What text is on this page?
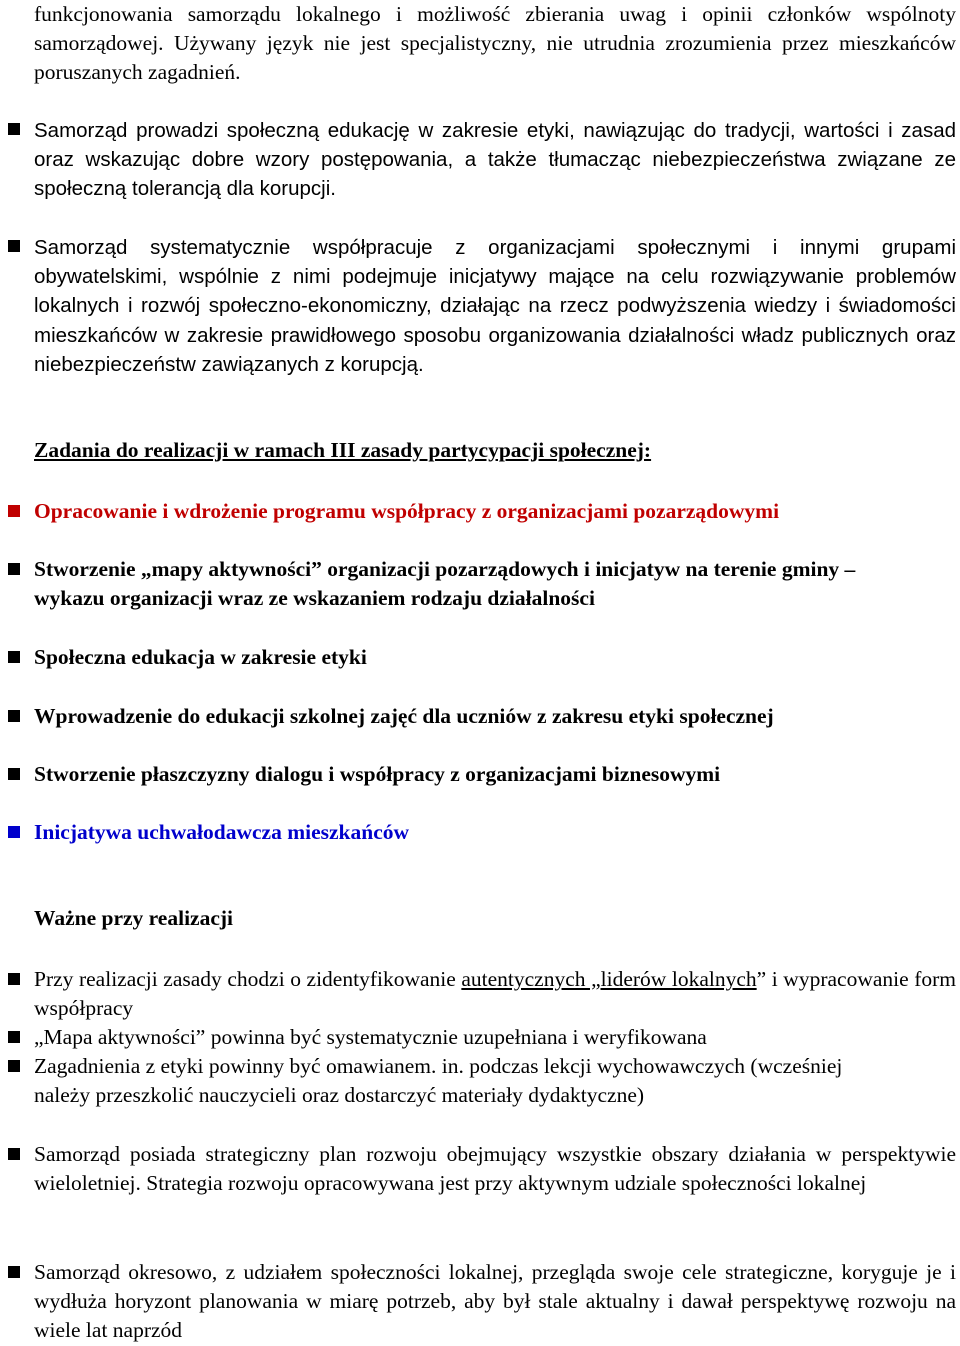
funkcjonowania samorządu lokalnego i możliwość zbierania uwag i opinii członków wspólnoty samorządowej. Używany język nie jest specjalistyczny, nie utrudnia zrozumienia przez mieszkańców poruszanych zagadnień.

Samorząd prowadzi społeczną edukację w zakresie etyki, nawiązując do tradycji, wartości i zasad oraz wskazując dobre wzory postępowania, a także tłumacząc niebezpieczeństwa związane ze społeczną tolerancją dla korupcji.

Samorząd systematycznie współpracuje z organizacjami społecznymi i innymi grupami obywatelskimi, wspólnie z nimi podejmuje inicjatywy mające na celu rozwiązywanie problemów lokalnych i rozwój społeczno-ekonomiczny, działając na rzecz podwyższenia wiedzy i świadomości mieszkańców w zakresie prawidłowego sposobu organizowania działalności władz publicznych oraz niebezpieczeństw zawiązanych z korupcją.

Zadania do realizacji w ramach III zasady partycypacji społecznej:

Opracowanie i wdrożenie programu współpracy z organizacjami pozarządowymi

Stworzenie „mapy aktywności” organizacji pozarządowych i inicjatyw na terenie gminy – wykazu organizacji wraz ze wskazaniem rodzaju działalności

Społeczna edukacja w zakresie etyki

Wprowadzenie do edukacji szkolnej zajęć dla uczniów z zakresu etyki społecznej

Stworzenie płaszczyzny dialogu i współpracy z organizacjami biznesowymi

Inicjatywa uchwałodawcza mieszkańców

Ważne przy realizacji

Przy realizacji zasady chodzi o zidentyfikowanie autentycznych „liderów lokalnych” i wypracowanie form współpracy

„Mapa aktywności” powinna być systematycznie uzupełniana i weryfikowana

Zagadnienia z etyki powinny być omawianem. in. podczas lekcji wychowawczych (wcześniej należy przeszkolić nauczycieli oraz dostarczyć materiały dydaktyczne)

Samorząd posiada strategiczny plan rozwoju obejmujący wszystkie obszary działania w perspektywie wieloletniej. Strategia rozwoju opracowywana jest przy aktywnym udziale społeczności lokalnej

Samorząd okresowo, z udziałem społeczności lokalnej, przegląda swoje cele strategiczne, koryguje je i wydłuża horyzont planowania w miarę potrzeb, aby był stale aktualny i dawał perspektywę rozwoju na wiele lat naprzód
